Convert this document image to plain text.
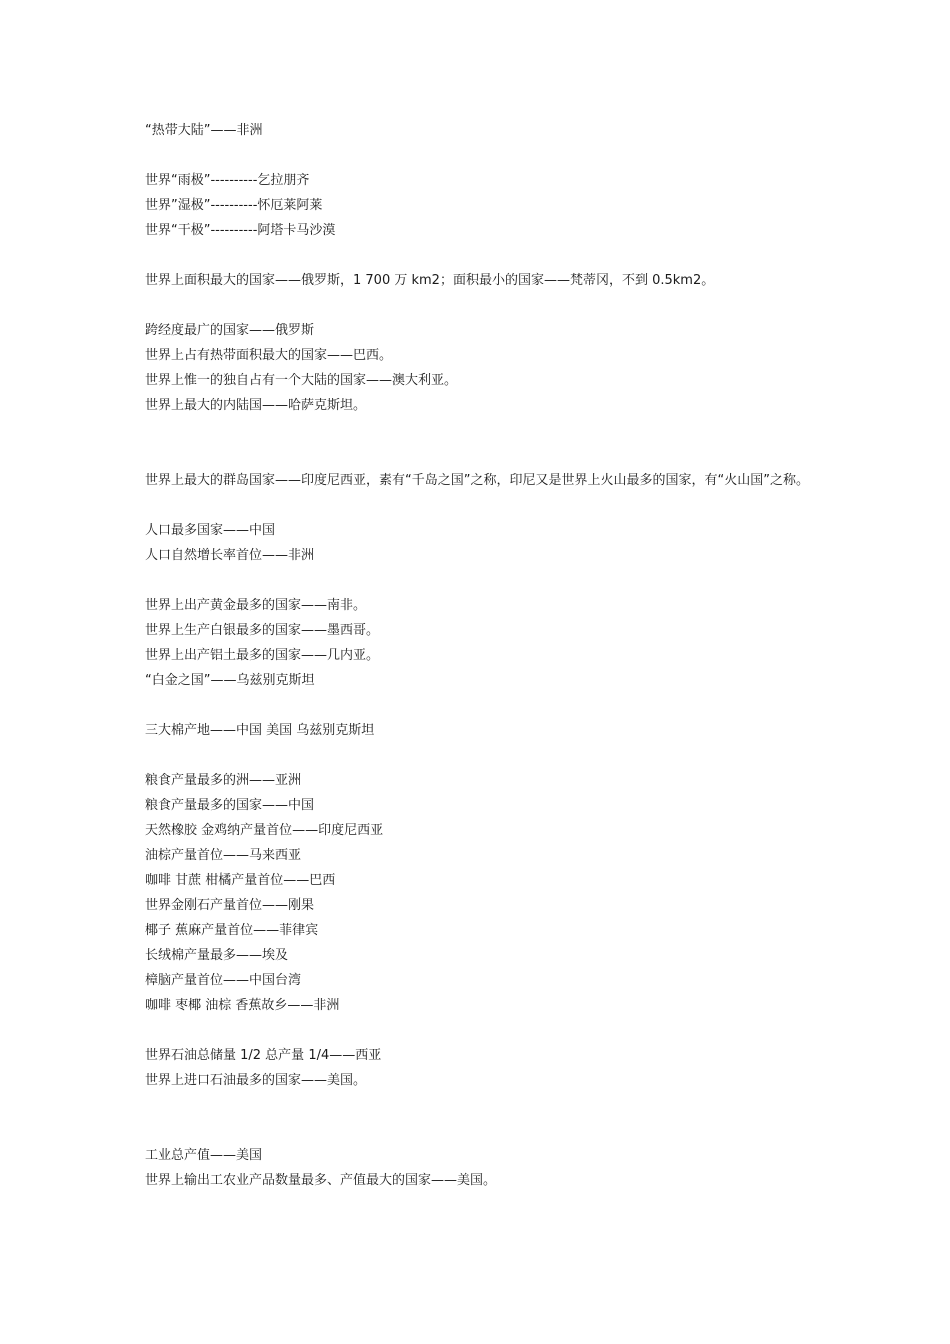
“热带大陆”——非洲
世界“雨极”----------乞拉朋齐
世界”湿极”----------怀厄莱阿莱
世界“干极”----------阿塔卡马沙漠
世界上面积最大的国家——俄罗斯，1 700 万 km2；面积最小的国家——梵蒂冈，不到 0.5km2。
跨经度最广的国家——俄罗斯
世界上占有热带面积最大的国家——巴西。
世界上惟一的独自占有一个大陆的国家——澳大利亚。
世界上最大的内陆国——哈萨克斯坦。
世界上最大的群岛国家——印度尼西亚，素有“千岛之国”之称，印尼又是世界上火山最多的国家，有“火山国”之称。
人口最多国家——中国
人口自然增长率首位——非洲
世界上出产黄金最多的国家——南非。
世界上生产白银最多的国家——墨西哥。
世界上出产铝土最多的国家——几内亚。
“白金之国”——乌兹别克斯坦
三大棉产地——中国 美国 乌兹别克斯坦
粮食产量最多的洲——亚洲
粮食产量最多的国家——中国
天然橡胶 金鸡纳产量首位——印度尼西亚
油棕产量首位——马来西亚
咖啡 甘蔗 柑橘产量首位——巴西
世界金刚石产量首位——刚果
椰子 蕉麻产量首位——菲律宾
长绒棉产量最多——埃及
樟脑产量首位——中国台湾
咖啡 枣椰 油棕 香蕉故乡——非洲
世界石油总储量 1/2 总产量 1/4——西亚
世界上进口石油最多的国家——美国。
工业总产值——美国
世界上输出工农业产品数量最多、产值最大的国家——美国。
